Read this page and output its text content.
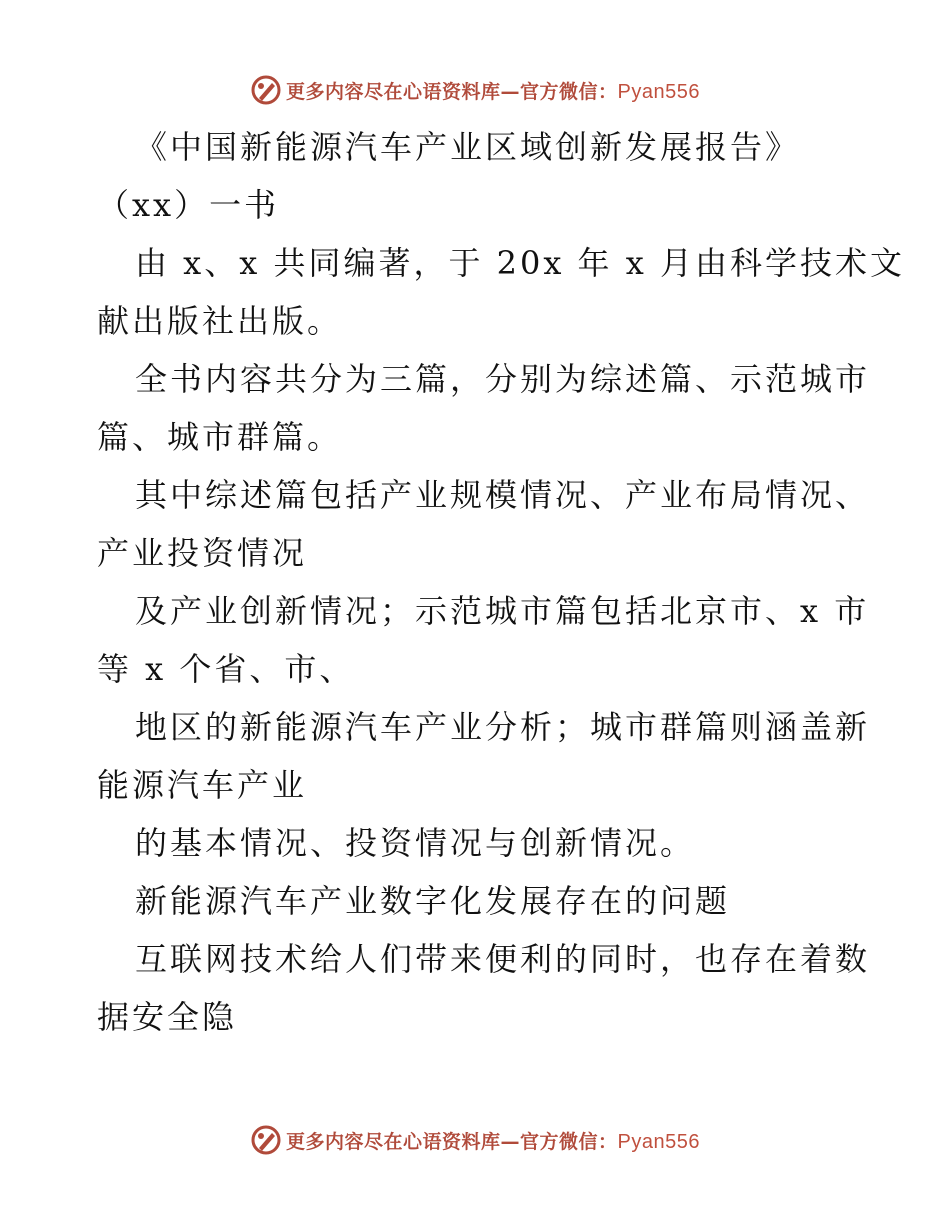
更多内容尽在心语资料库—官方微信：Pyan556
《中国新能源汽车产业区域创新发展报告》
（xx）一书
由 x、x 共同编著，于 20x 年 x 月由科学技术文
献出版社出版。
全书内容共分为三篇，分别为综述篇、示范城市
篇、城市群篇。
其中综述篇包括产业规模情况、产业布局情况、
产业投资情况
及产业创新情况；示范城市篇包括北京市、x 市
等 x 个省、市、
地区的新能源汽车产业分析；城市群篇则涵盖新
能源汽车产业
的基本情况、投资情况与创新情况。
新能源汽车产业数字化发展存在的问题
互联网技术给人们带来便利的同时，也存在着数
据安全隐
更多内容尽在心语资料库—官方微信：Pyan556
